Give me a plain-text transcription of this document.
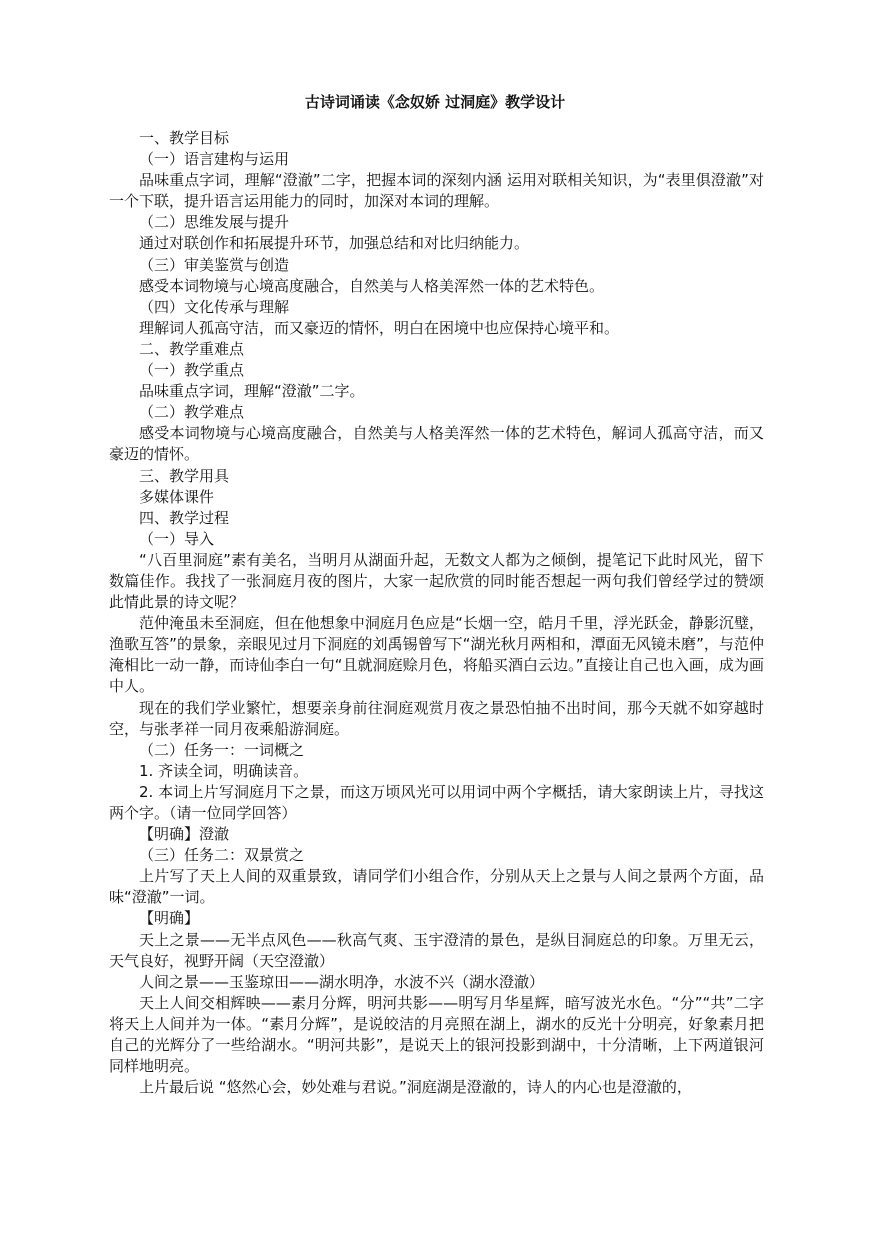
古诗词诵读《念奴娇 过洞庭》教学设计

一、教学目标

（一）语言建构与运用

品味重点字词，理解“澄澈”二字，把握本词的深刻内涵 运用对联相关知识，为“表里俱澄澈”对一个下联，提升语言运用能力的同时，加深对本词的理解。

（二）思维发展与提升

通过对联创作和拓展提升环节，加强总结和对比归纳能力。

（三）审美鉴赏与创造

感受本词物境与心境高度融合，自然美与人格美浑然一体的艺术特色。

（四）文化传承与理解

理解词人孤高守洁，而又豪迈的情怀，明白在困境中也应保持心境平和。

二、教学重难点

（一）教学重点

品味重点字词，理解“澄澈”二字。

（二）教学难点

感受本词物境与心境高度融合，自然美与人格美浑然一体的艺术特色，解词人孤高守洁，而又豪迈的情怀。

三、教学用具

多媒体课件

四、教学过程

（一）导入

“八百里洞庭”素有美名，当明月从湖面升起，无数文人都为之倾倒，提笔记下此时风光，留下数篇佳作。我找了一张洞庭月夜的图片，大家一起欣赏的同时能否想起一两句我们曾经学过的赞颂此情此景的诗文呢？

范仲淹虽未至洞庭，但在他想象中洞庭月色应是“长烟一空，皓月千里，浮光跃金，静影沉璧，渔歌互答”的景象，亲眼见过月下洞庭的刘禹锡曾写下“湖光秋月两相和，潭面无风镜未磨”，与范仲淹相比一动一静，而诗仙李白一句“且就洞庭赊月色，将船买酒白云边。”直接让自己也入画，成为画中人。

现在的我们学业繁忙，想要亲身前往洞庭观赏月夜之景恐怕抽不出时间，那今天就不如穿越时空，与张孝祥一同月夜乘船游洞庭。

（二）任务一：一词概之

1. 齐读全词，明确读音。

2. 本词上片写洞庭月下之景，而这万顷风光可以用词中两个字概括，请大家朗读上片，寻找这两个字。（请一位同学回答）

【明确】澄澈

（三）任务二：双景赏之

上片写了天上人间的双重景致，请同学们小组合作，分别从天上之景与人间之景两个方面，品味“澄澈”一词。

【明确】

天上之景——无半点风色——秋高气爽、玉宇澄清的景色，是纵目洞庭总的印象。万里无云，天气良好，视野开阔（天空澄澈）

人间之景——玉鉴琼田——湖水明净，水波不兴（湖水澄澈）

天上人间交相辉映——素月分辉，明河共影——明写月华星辉，暗写波光水色。“分”“共”二字将天上人间并为一体。“素月分辉”，是说皎洁的月亮照在湖上，湖水的反光十分明亮，好象素月把自己的光辉分了一些给湖水。“明河共影”，是说天上的银河投影到湖中，十分清晰，上下两道银河同样地明亮。

上片最后说 “悠然心会，妙处难与君说。”洞庭湖是澄澈的，诗人的内心也是澄澈的，
